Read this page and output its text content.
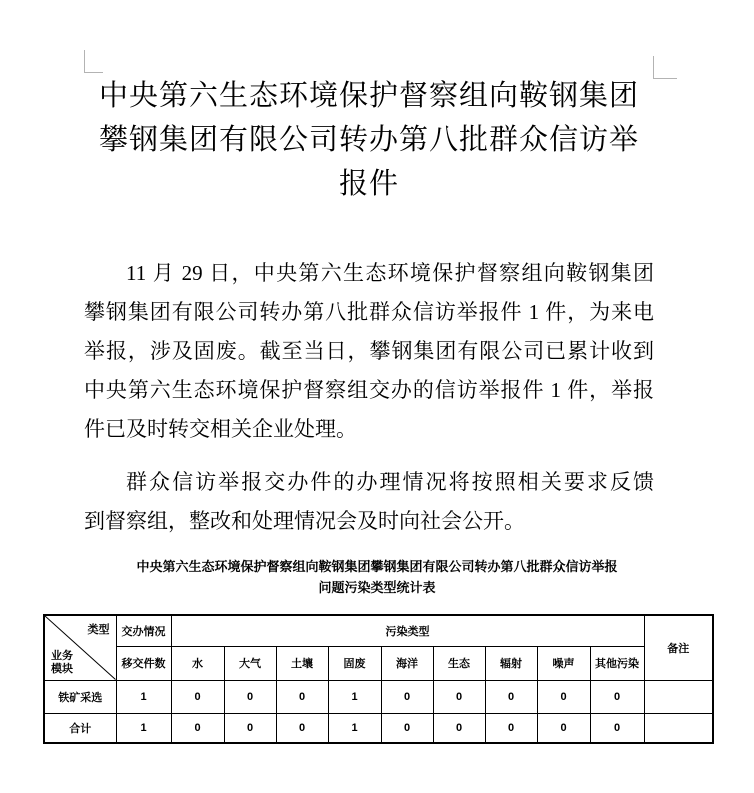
中央第六生态环境保护督察组向鞍钢集团
攀钢集团有限公司转办第八批群众信访举
报件
11 月 29 日，中央第六生态环境保护督察组向鞍钢集团
攀钢集团有限公司转办第八批群众信访举报件 1 件，为来电
举报，涉及固废。截至当日，攀钢集团有限公司已累计收到
中央第六生态环境保护督察组交办的信访举报件 1 件，举报
件已及时转交相关企业处理。
群众信访举报交办件的办理情况将按照相关要求反馈
到督察组，整改和处理情况会及时向社会公开。
中央第六生态环境保护督察组向鞍钢集团攀钢集团有限公司转办第八批群众信访举报
问题污染类型统计表
类型
业务
模块	交办情况	污染类型									备注
	移交件数	水	大气	土壤	固废	海洋	生态	辐射	噪声	其他污染	
铁矿采选	1	0	0	0	1	0	0	0	0	0	
合计	1	0	0	0	1	0	0	0	0	0	
